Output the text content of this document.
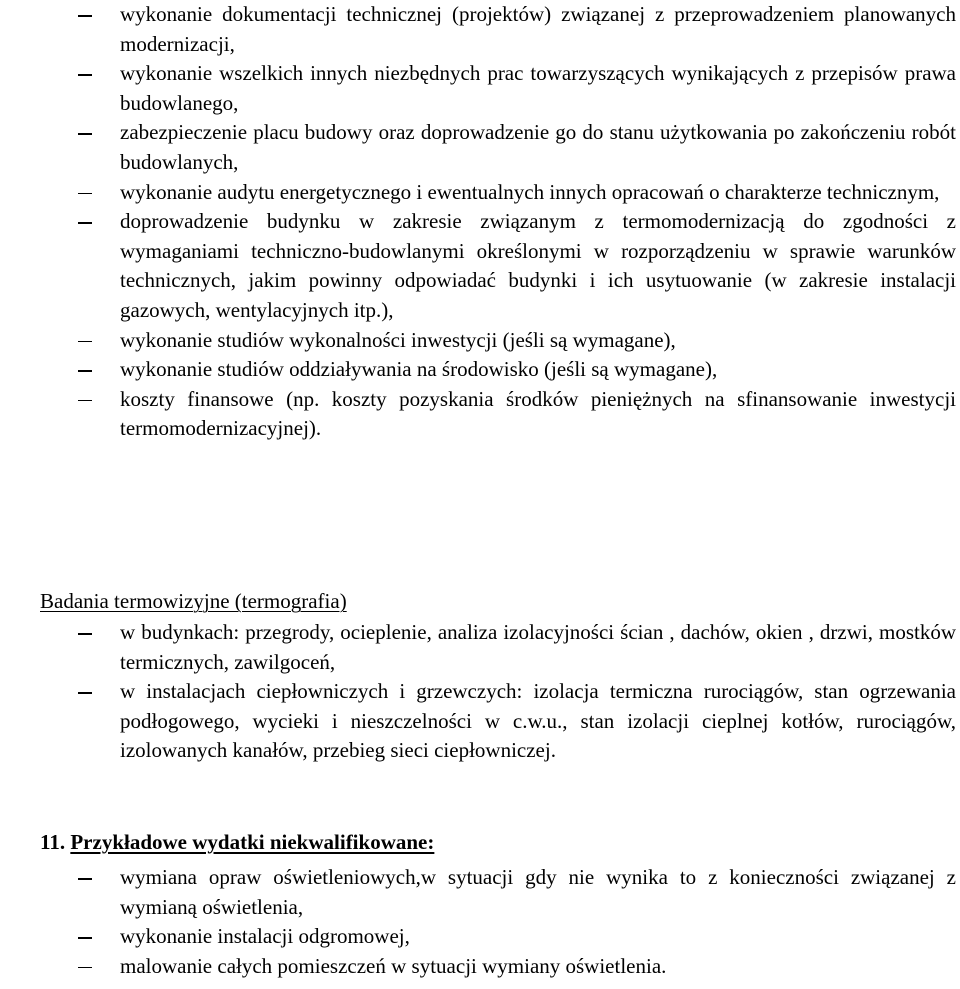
wykonanie dokumentacji technicznej (projektów) związanej z przeprowadzeniem planowanych modernizacji,
wykonanie wszelkich innych niezbędnych prac towarzyszących wynikających z przepisów prawa budowlanego,
zabezpieczenie placu budowy oraz doprowadzenie go do stanu użytkowania po zakończeniu robót budowlanych,
wykonanie audytu energetycznego i ewentualnych innych opracowań o charakterze technicznym,
doprowadzenie budynku w zakresie związanym z termomodernizacją do zgodności z wymaganiami techniczno-budowlanymi określonymi w rozporządzeniu w sprawie warunków technicznych, jakim powinny odpowiadać budynki i ich usytuowanie (w zakresie instalacji gazowych, wentylacyjnych itp.),
wykonanie studiów wykonalności inwestycji (jeśli są wymagane),
wykonanie studiów oddziaływania na środowisko (jeśli są wymagane),
koszty finansowe (np. koszty pozyskania środków pieniężnych na sfinansowanie inwestycji termomodernizacyjnej).

Badania termowizyjne (termografia)

w budynkach: przegrody, ocieplenie, analiza izolacyjności ścian , dachów, okien , drzwi, mostków termicznych, zawilgoceń,
w instalacjach ciepłowniczych i grzewczych: izolacja termiczna rurociągów, stan ogrzewania podłogowego, wycieki i nieszczelności w c.w.u., stan izolacji cieplnej kotłów, rurociągów, izolowanych kanałów, przebieg sieci ciepłowniczej.

11. Przykładowe wydatki niekwalifikowane:

wymiana opraw oświetleniowych,w sytuacji gdy nie wynika to z konieczności związanej z wymianą oświetlenia,
wykonanie instalacji odgromowej,
malowanie całych pomieszczeń w sytuacji wymiany oświetlenia.
